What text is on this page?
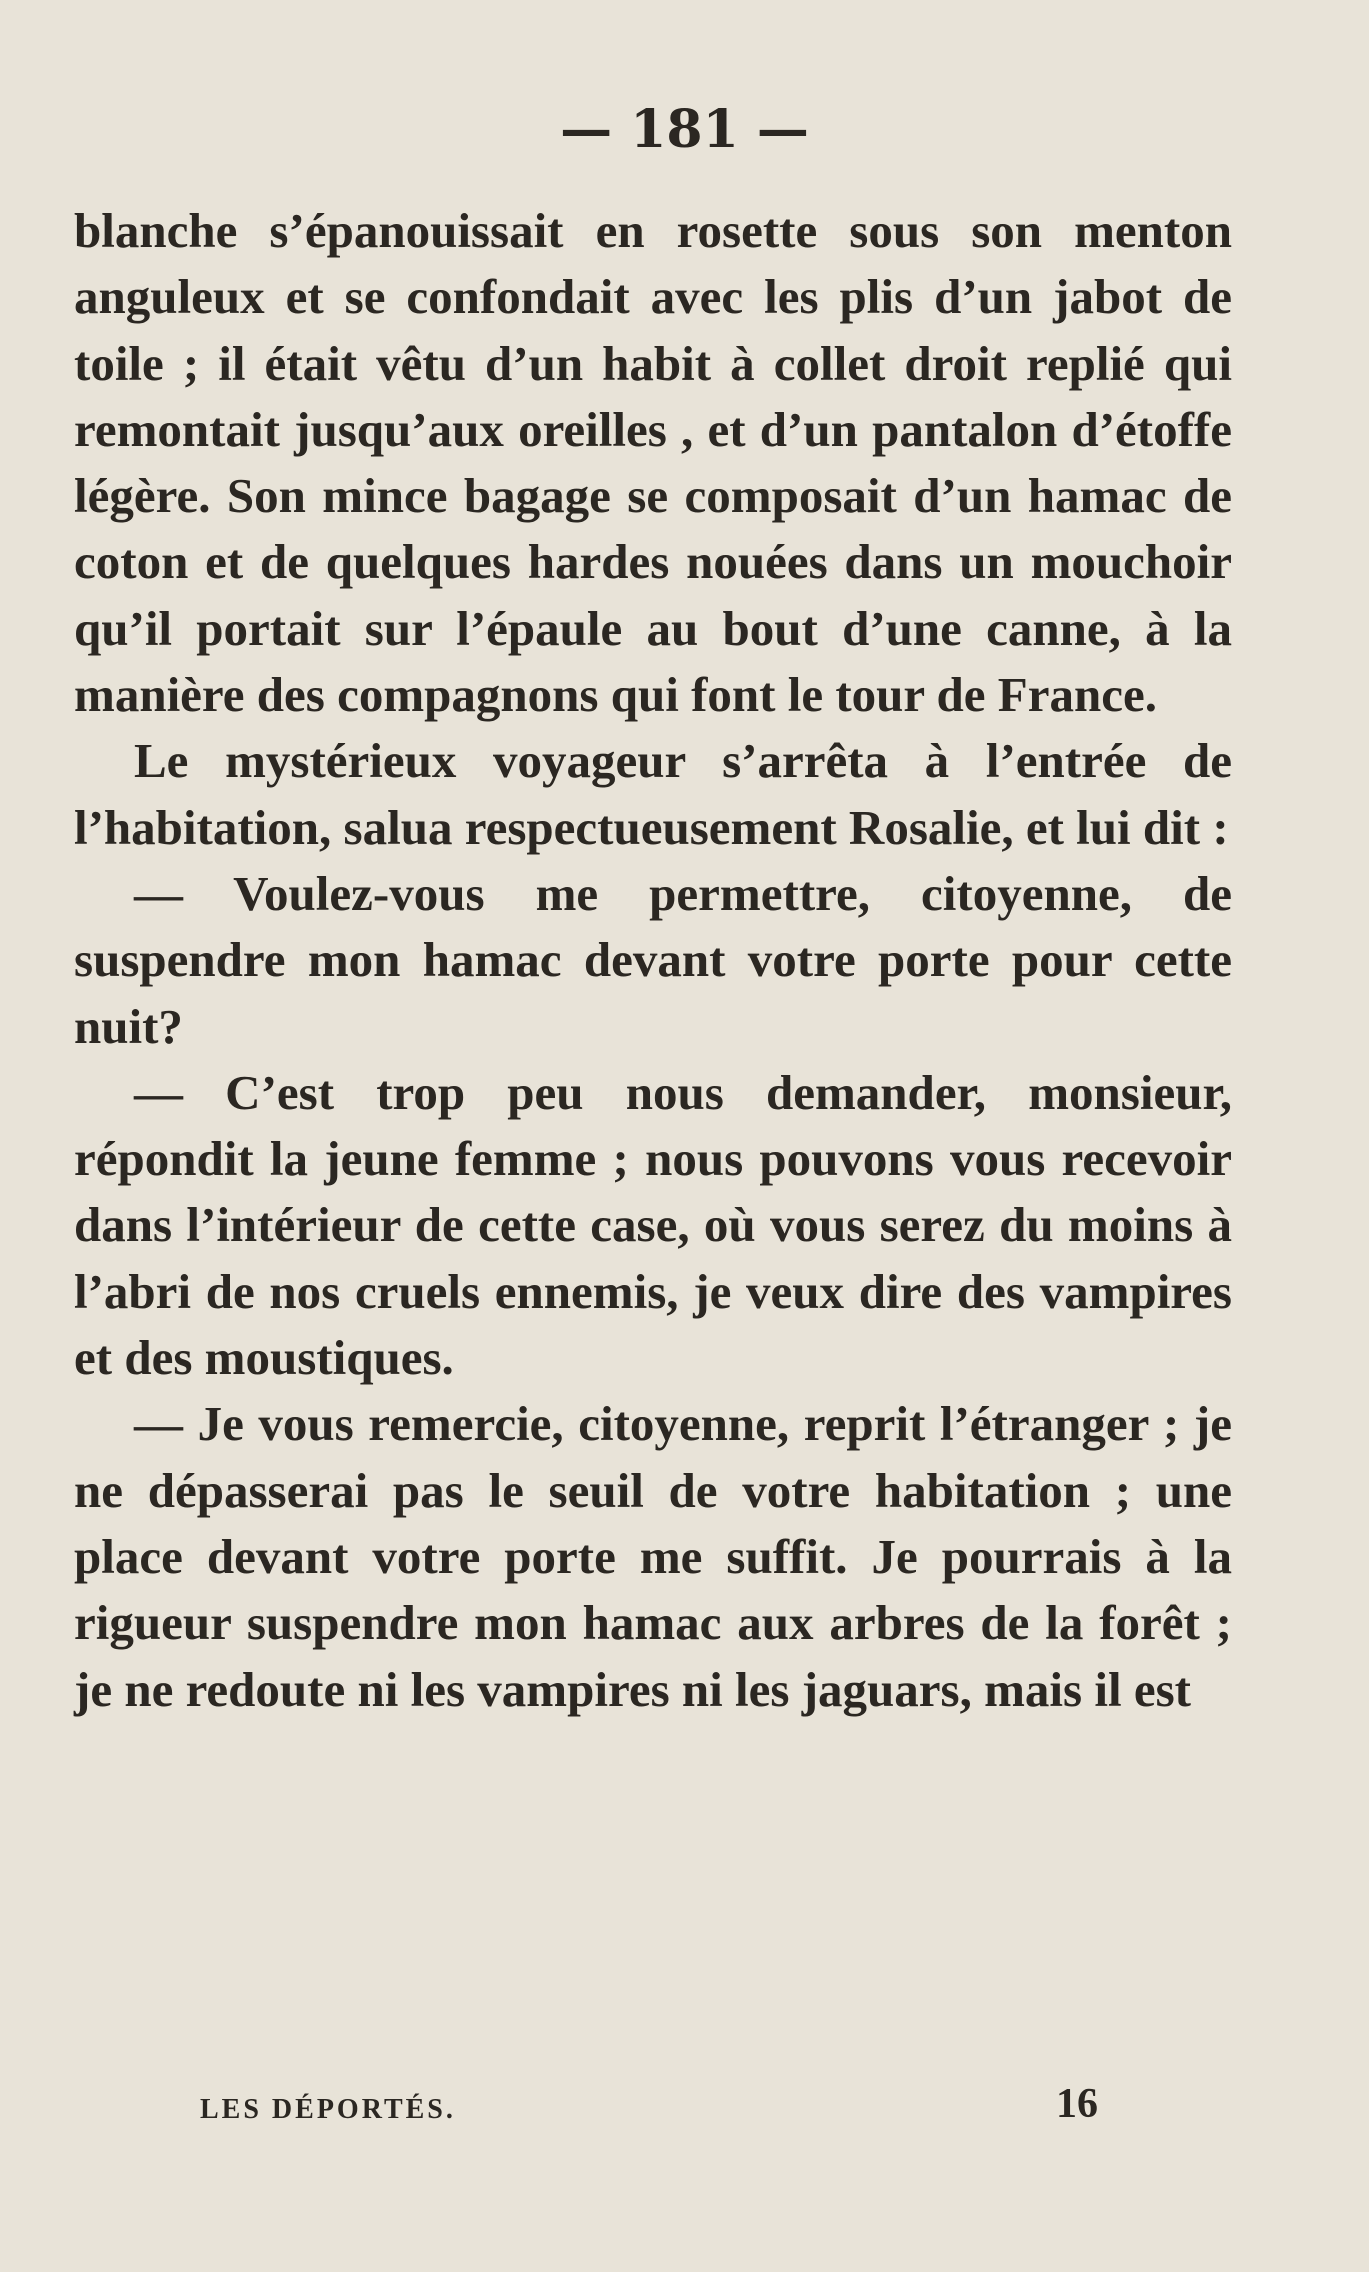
— 181 —

blanche s’épanouissait en rosette sous son menton anguleux et se confondait avec les plis d’un jabot de toile ; il était vêtu d’un habit à collet droit replié qui remontait jusqu’aux oreilles , et d’un pantalon d’étoffe légère. Son mince bagage se composait d’un hamac de coton et de quelques hardes nouées dans un mouchoir qu’il portait sur l’épaule au bout d’une canne, à la manière des compagnons qui font le tour de France.

Le mystérieux voyageur s’arrêta à l’entrée de l’habitation, salua respectueusement Rosalie, et lui dit :

— Voulez-vous me permettre, citoyenne, de suspendre mon hamac devant votre porte pour cette nuit?

— C’est trop peu nous demander, monsieur, répondit la jeune femme ; nous pouvons vous recevoir dans l’intérieur de cette case, où vous serez du moins à l’abri de nos cruels ennemis, je veux dire des vampires et des moustiques.

— Je vous remercie, citoyenne, reprit l’étranger ; je ne dépasserai pas le seuil de votre habitation ; une place devant votre porte me suffit. Je pourrais à la rigueur suspendre mon hamac aux arbres de la forêt ; je ne redoute ni les vampires ni les jaguars, mais il est

LES DÉPORTÉS.	16
